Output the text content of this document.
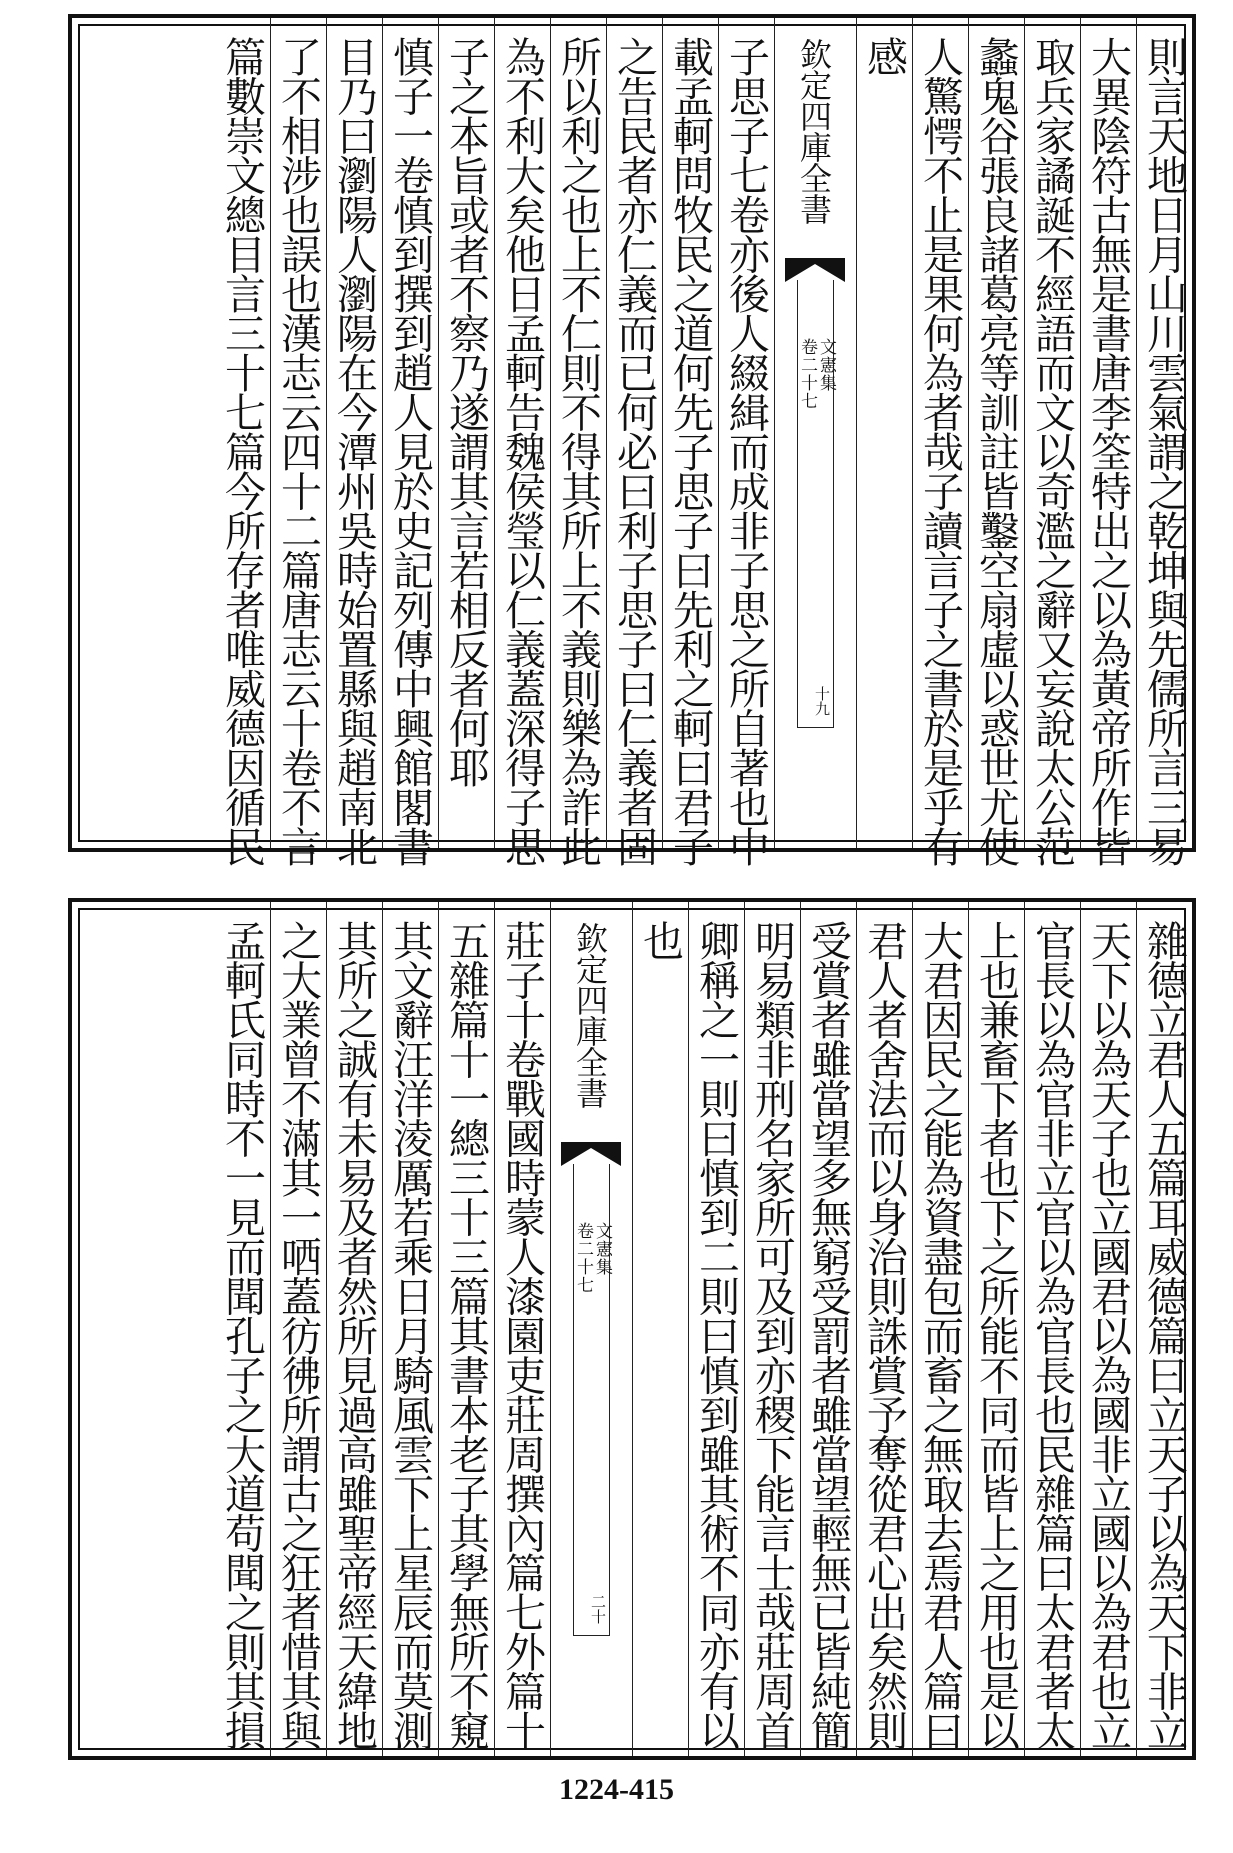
則言天地日月山川雲氣謂之乾坤與先儒所言三易
大異陰符古無是書唐李筌特出之以為黃帝所作皆
取兵家譎誕不經語而文以奇濫之辭又妄說太公范
蠡鬼谷張良諸葛亮等訓註皆鑿空扇虛以惑世尤使
人驚愕不止是果何為者哉子讀言子之書於是乎有
感
欽定四庫全書
文憲集
卷二十七
十九
子思子七卷亦後人綴緝而成非子思之所自著也中
載孟軻問牧民之道何先子思子曰先利之軻曰君子
之告民者亦仁義而已何必曰利子思子曰仁義者固
所以利之也上不仁則不得其所上不義則樂為詐此
為不利大矣他日孟軻告魏侯瑩以仁義蓋深得子思
子之本旨或者不察乃遂謂其言若相反者何耶
慎子一卷慎到撰到趙人見於史記列傳中興館閣書
目乃曰瀏陽人瀏陽在今潭州吳時始置縣與趙南北
了不相涉也誤也漢志云四十二篇唐志云十卷不言
篇數崇文總目言三十七篇今所存者唯威德因循民
雜德立君人五篇耳威德篇曰立天子以為天下非立
天下以為天子也立國君以為國非立國以為君也立
官長以為官非立官以為官長也民雜篇曰太君者太
上也兼畜下者也下之所能不同而皆上之用也是以
大君因民之能為資盡包而畜之無取去焉君人篇曰
君人者舍法而以身治則誅賞予奪從君心出矣然則
受賞者雖當望多無窮受罰者雖當望輕無已皆純簡
明易類非刑名家所可及到亦稷下能言士哉莊周首
卿稱之一則曰慎到二則曰慎到雖其術不同亦有以
也
欽定四庫全書
文憲集
卷二十七
二十
莊子十卷戰國時蒙人漆園吏莊周撰內篇七外篇十
五雜篇十一總三十三篇其書本老子其學無所不窺
其文辭汪洋淩厲若乘日月騎風雲下上星辰而莫測
其所之誠有未易及者然所見過高雖聖帝經天緯地
之大業曾不滿其一哂蓋彷彿所謂古之狂者惜其與
孟軻氏同時不一見而聞孔子之大道苟聞之則其損
1224-415
